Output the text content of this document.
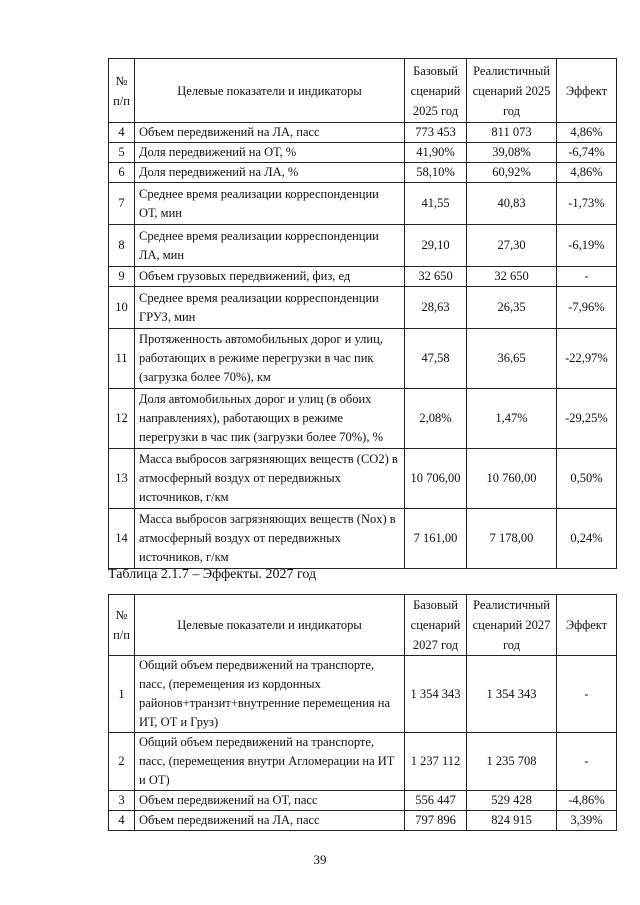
№ п/п	Целевые показатели и индикаторы	Базовый сценарий 2025 год	Реалистичный сценарий 2025 год	Эффект
4	Объем передвижений на ЛА, пасс	773 453	811 073	4,86%
5	Доля передвижений на ОТ, %	41,90%	39,08%	-6,74%
6	Доля передвижений на ЛА, %	58,10%	60,92%	4,86%
7	Среднее время реализации корреспонденции ОТ, мин	41,55	40,83	-1,73%
8	Среднее время реализации корреспонденции ЛА, мин	29,10	27,30	-6,19%
9	Объем грузовых передвижений, физ, ед	32 650	32 650	-
10	Среднее время реализации корреспонденции ГРУЗ, мин	28,63	26,35	-7,96%
11	Протяженность автомобильных дорог и улиц, работающих в режиме перегрузки в час пик (загрузка более 70%), км	47,58	36,65	-22,97%
12	Доля автомобильных дорог и улиц (в обоих направлениях), работающих в режиме перегрузки в час пик (загрузки более 70%), %	2,08%	1,47%	-29,25%
13	Масса выбросов загрязняющих веществ (СО2) в атмосферный воздух от передвижных источников, г/км	10 706,00	10 760,00	0,50%
14	Масса выбросов загрязняющих веществ (Nox) в атмосферный воздух от передвижных источников, г/км	7 161,00	7 178,00	0,24%
Таблица 2.1.7 – Эффекты. 2027 год
№ п/п	Целевые показатели и индикаторы	Базовый сценарий 2027 год	Реалистичный сценарий 2027 год	Эффект
1	Общий объем передвижений на транспорте, пасс, (перемещения из кордонных районов+транзит+внутренние перемещения на ИТ, ОТ и Груз)	1 354 343	1 354 343	-
2	Общий объем передвижений на транспорте, пасс, (перемещения внутри Агломерации на ИТ и ОТ)	1 237 112	1 235 708	-
3	Объем передвижений на ОТ, пасс	556 447	529 428	-4,86%
4	Объем передвижений на ЛА, пасс	797 896	824 915	3,39%
39
